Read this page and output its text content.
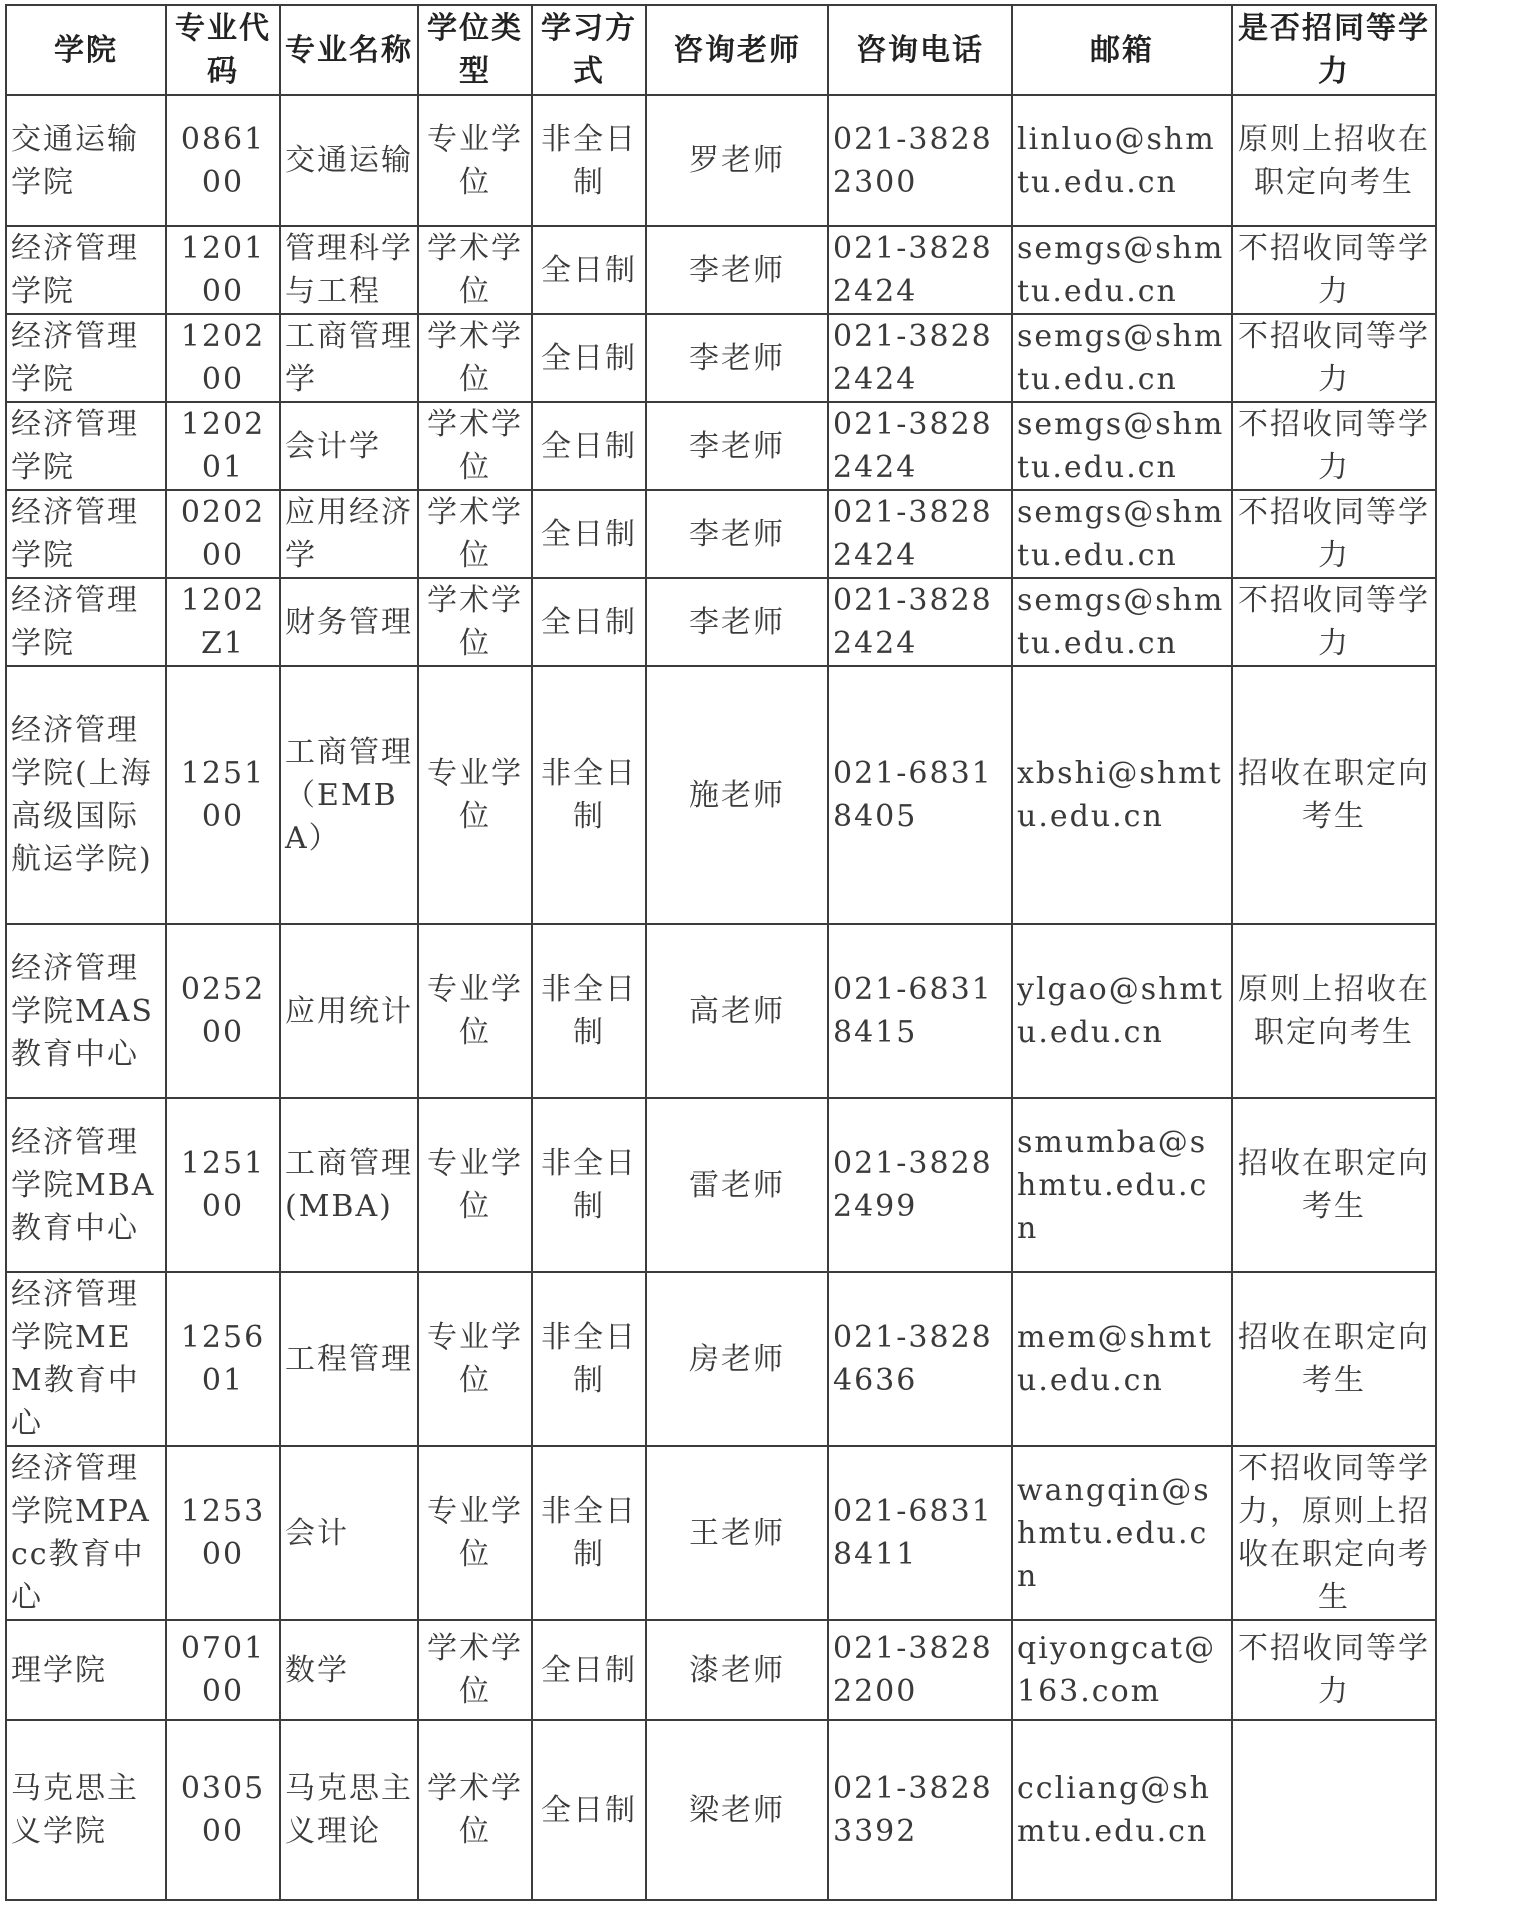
学院	专业代码	专业名称	学位类型	学习方式	咨询老师	咨询电话	邮箱	是否招同等学力
交通运输学院	086100	交通运输	专业学位	非全日制	罗老师	021-38282300	linluo@shmtu.edu.cn	原则上招收在职定向考生
经济管理学院	120100	管理科学与工程	学术学位	全日制	李老师	021-38282424	semgs@shmtu.edu.cn	不招收同等学力
经济管理学院	120200	工商管理学	学术学位	全日制	李老师	021-38282424	semgs@shmtu.edu.cn	不招收同等学力
经济管理学院	120201	会计学	学术学位	全日制	李老师	021-38282424	semgs@shmtu.edu.cn	不招收同等学力
经济管理学院	020200	应用经济学	学术学位	全日制	李老师	021-38282424	semgs@shmtu.edu.cn	不招收同等学力
经济管理学院	1202Z1	财务管理	学术学位	全日制	李老师	021-38282424	semgs@shmtu.edu.cn	不招收同等学力
经济管理学院(上海高级国际航运学院)	125100	工商管理（EMBA）	专业学位	非全日制	施老师	021-68318405	xbshi@shmtu.edu.cn	招收在职定向考生
经济管理学院MAS教育中心	025200	应用统计	专业学位	非全日制	高老师	021-68318415	ylgao@shmtu.edu.cn	原则上招收在职定向考生
经济管理学院MBA教育中心	125100	工商管理(MBA)	专业学位	非全日制	雷老师	021-38282499	smumba@shmtu.edu.cn	招收在职定向考生
经济管理学院MEM教育中心	125601	工程管理	专业学位	非全日制	房老师	021-38284636	mem@shmtu.edu.cn	招收在职定向考生
经济管理学院MPAcc教育中心	125300	会计	专业学位	非全日制	王老师	021-68318411	wangqin@shmtu.edu.cn	不招收同等学力，原则上招收在职定向考生
理学院	070100	数学	学术学位	全日制	漆老师	021-38282200	qiyongcat@163.com	不招收同等学力
马克思主义学院	030500	马克思主义理论	学术学位	全日制	梁老师	021-38283392	ccliang@shmtu.edu.cn	
